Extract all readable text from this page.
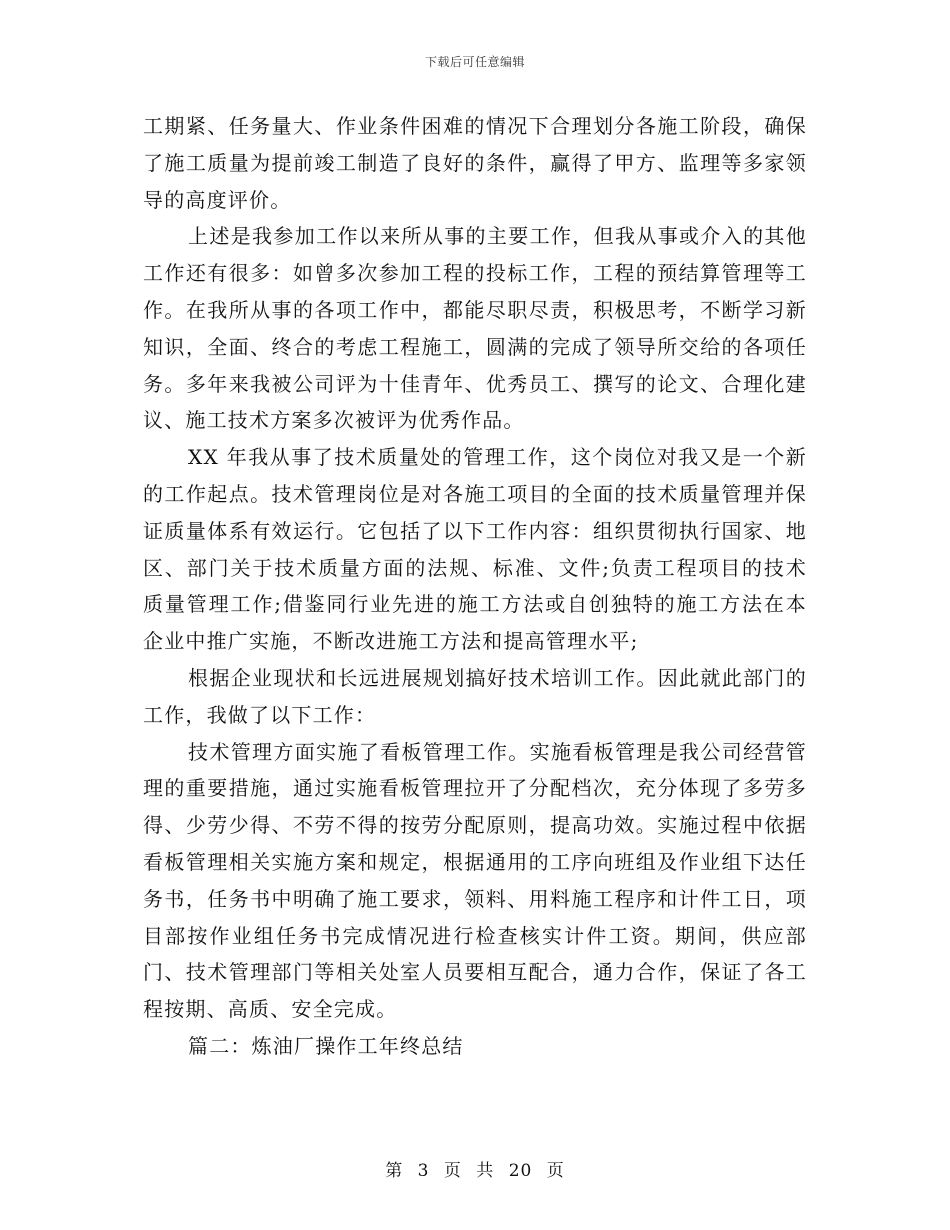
下载后可任意编辑

工期紧、任务量大、作业条件困难的情况下合理划分各施工阶段，确保了施工质量为提前竣工制造了良好的条件，赢得了甲方、监理等多家领导的高度评价。

上述是我参加工作以来所从事的主要工作，但我从事或介入的其他工作还有很多：如曾多次参加工程的投标工作，工程的预结算管理等工作。在我所从事的各项工作中，都能尽职尽责，积极思考，不断学习新知识，全面、终合的考虑工程施工，圆满的完成了领导所交给的各项任务。多年来我被公司评为十佳青年、优秀员工、撰写的论文、合理化建议、施工技术方案多次被评为优秀作品。

XX 年我从事了技术质量处的管理工作，这个岗位对我又是一个新的工作起点。技术管理岗位是对各施工项目的全面的技术质量管理并保证质量体系有效运行。它包括了以下工作内容：组织贯彻执行国家、地区、部门关于技术质量方面的法规、标准、文件;负责工程项目的技术质量管理工作;借鉴同行业先进的施工方法或自创独特的施工方法在本企业中推广实施，不断改进施工方法和提高管理水平;

根据企业现状和长远进展规划搞好技术培训工作。因此就此部门的工作，我做了以下工作：

技术管理方面实施了看板管理工作。实施看板管理是我公司经营管理的重要措施，通过实施看板管理拉开了分配档次，充分体现了多劳多得、少劳少得、不劳不得的按劳分配原则，提高功效。实施过程中依据看板管理相关实施方案和规定，根据通用的工序向班组及作业组下达任务书，任务书中明确了施工要求，领料、用料施工程序和计件工日，项目部按作业组任务书完成情况进行检查核实计件工资。期间，供应部门、技术管理部门等相关处室人员要相互配合，通力合作，保证了各工程按期、高质、安全完成。

篇二：炼油厂操作工年终总结

第 3 页 共 20 页
